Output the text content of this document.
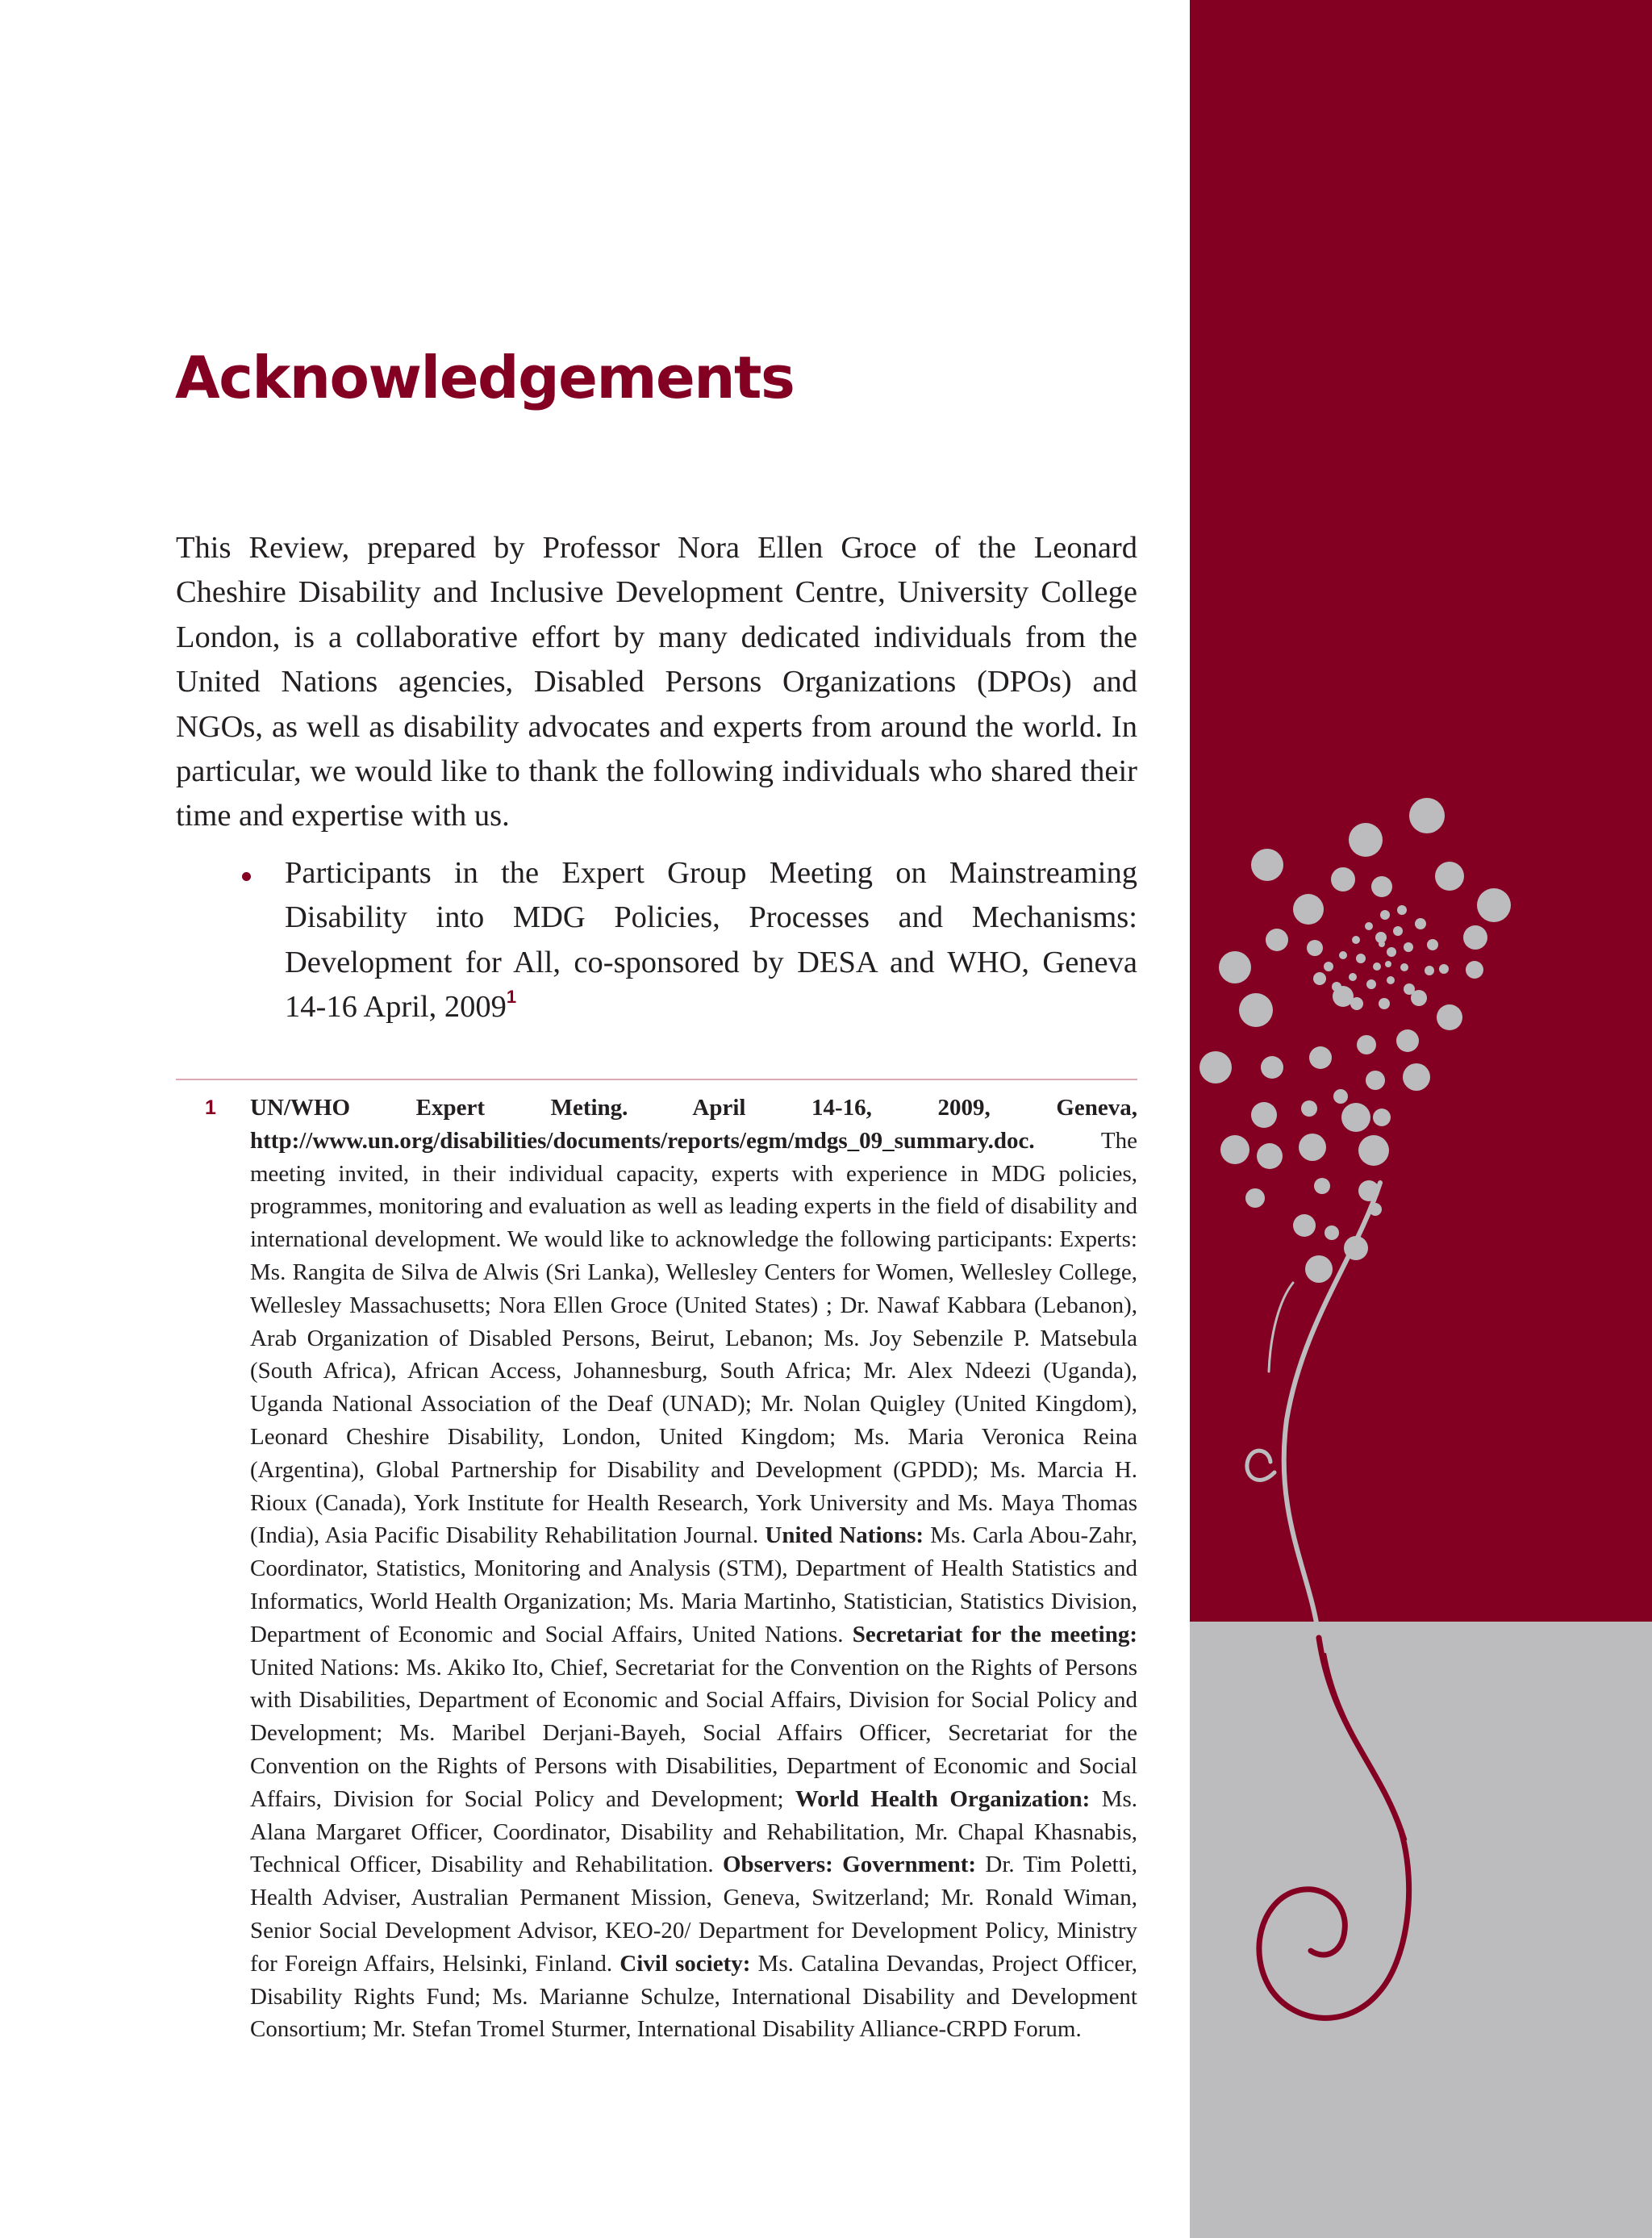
Acknowledgements

This Review, prepared by Professor Nora Ellen Groce of the Leonard Cheshire Disability and Inclusive Development Centre, University College London, is a collaborative effort by many dedicated individuals from the United Nations agencies, Disabled Persons Organizations (DPOs) and NGOs, as well as disability advocates and experts from around the world. In particular, we would like to thank the following individuals who shared their time and expertise with us.

Participants in the Expert Group Meeting on Mainstreaming Disability into MDG Policies, Processes and Mechanisms: Development for All, co-sponsored by DESA and WHO, Geneva 14-16 April, 2009$^1$

1 UN/WHO Expert Meting. April 14-16, 2009, Geneva, http://www.un.org/disabilities/documents/reports/egm/mdgs_09_summary.doc. The meeting invited, in their individual capacity, experts with experience in MDG policies, programmes, monitoring and evaluation as well as leading experts in the field of disability and international development. We would like to acknowledge the following participants: Experts: Ms. Rangita de Silva de Alwis (Sri Lanka), Wellesley Centers for Women, Wellesley College, Wellesley Massachusetts; Nora Ellen Groce (United States) ; Dr. Nawaf Kabbara (Lebanon), Arab Organization of Disabled Persons, Beirut, Lebanon; Ms. Joy Sebenzile P. Matsebula (South Africa), African Access, Johannesburg, South Africa; Mr. Alex Ndeezi (Uganda), Uganda National Association of the Deaf (UNAD); Mr. Nolan Quigley (United Kingdom), Leonard Cheshire Disability, London, United Kingdom; Ms. Maria Veronica Reina (Argentina), Global Partnership for Disability and Development (GPDD); Ms. Marcia H. Rioux (Canada), York Institute for Health Research, York University and Ms. Maya Thomas (India), Asia Pacific Disability Rehabilitation Journal. United Nations: Ms. Carla Abou-Zahr, Coordinator, Statistics, Monitoring and Analysis (STM), Department of Health Statistics and Informatics, World Health Organization; Ms. Maria Martinho, Statistician, Statistics Division, Department of Economic and Social Affairs, United Nations. Secretariat for the meeting: United Nations: Ms. Akiko Ito, Chief, Secretariat for the Convention on the Rights of Persons with Disabilities, Department of Economic and Social Affairs, Division for Social Policy and Development; Ms. Maribel Derjani-Bayeh, Social Affairs Officer, Secretariat for the Convention on the Rights of Persons with Disabilities, Department of Economic and Social Affairs, Division for Social Policy and Development; World Health Organization: Ms. Alana Margaret Officer, Coordinator, Disability and Rehabilitation, Mr. Chapal Khasnabis, Technical Officer, Disability and Rehabilitation. Observers: Government: Dr. Tim Poletti, Health Adviser, Australian Permanent Mission, Geneva, Switzerland; Mr. Ronald Wiman, Senior Social Development Advisor, KEO-20/ Department for Development Policy, Ministry for Foreign Affairs, Helsinki, Finland. Civil society: Ms. Catalina Devandas, Project Officer, Disability Rights Fund; Ms. Marianne Schulze, International Disability and Development Consortium; Mr. Stefan Tromel Sturmer, International Disability Alliance-CRPD Forum.
